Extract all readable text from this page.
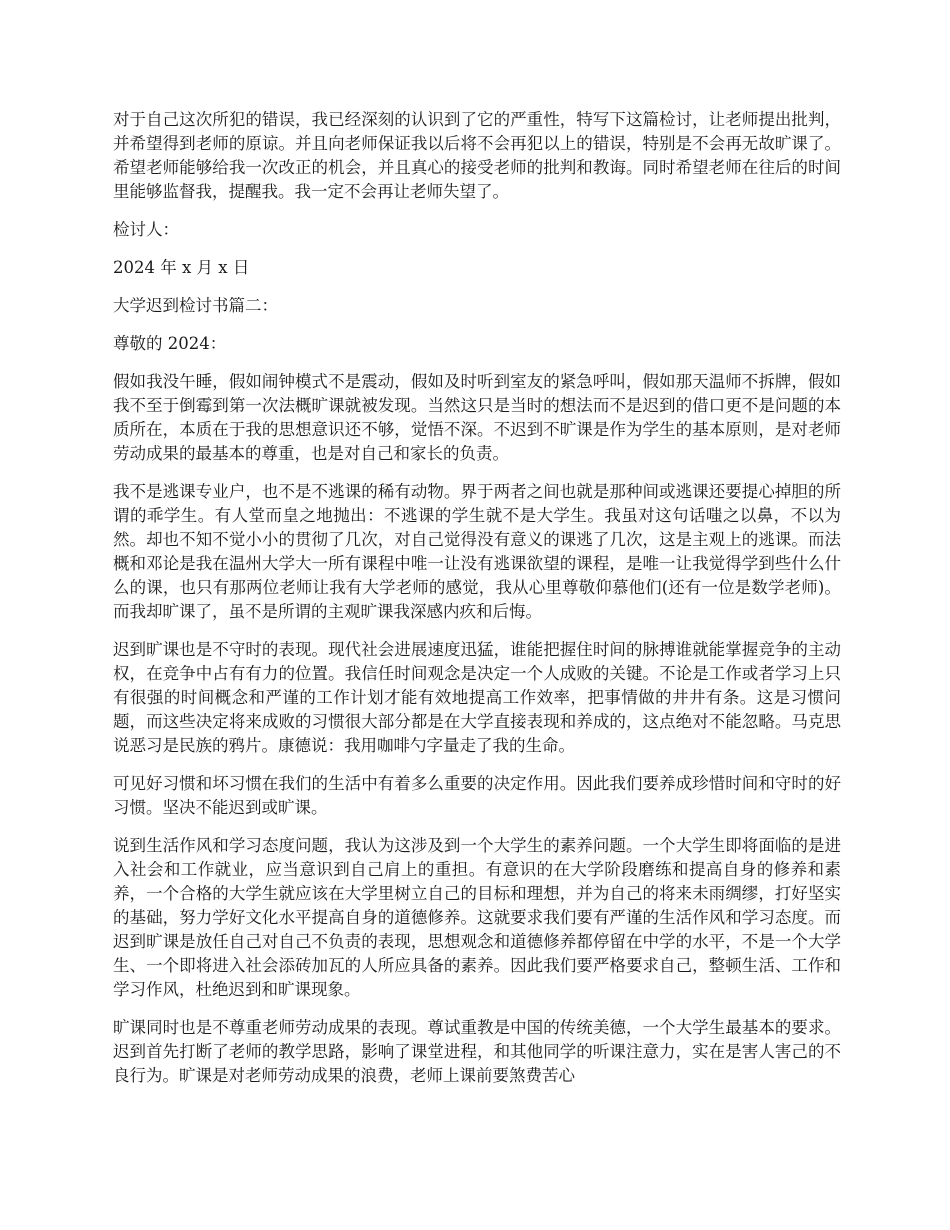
对于自己这次所犯的错误，我已经深刻的认识到了它的严重性，特写下这篇检讨，让老师提出批判，并希望得到老师的原谅。并且向老师保证我以后将不会再犯以上的错误，特别是不会再无故旷课了。希望老师能够给我一次改正的机会，并且真心的接受老师的批判和教诲。同时希望老师在往后的时间里能够监督我，提醒我。我一定不会再让老师失望了。

检讨人：

2024 年 x 月 x 日

大学迟到检讨书篇二：

尊敬的 2024：

假如我没午睡，假如闹钟模式不是震动，假如及时听到室友的紧急呼叫，假如那天温师不拆牌，假如我不至于倒霉到第一次法概旷课就被发现。当然这只是当时的想法而不是迟到的借口更不是问题的本质所在，本质在于我的思想意识还不够，觉悟不深。不迟到不旷课是作为学生的基本原则，是对老师劳动成果的最基本的尊重，也是对自己和家长的负责。

我不是逃课专业户，也不是不逃课的稀有动物。界于两者之间也就是那种间或逃课还要提心掉胆的所谓的乖学生。有人堂而皇之地抛出：不逃课的学生就不是大学生。我虽对这句话嗤之以鼻，不以为然。却也不知不觉小小的贯彻了几次，对自己觉得没有意义的课逃了几次，这是主观上的逃课。而法概和邓论是我在温州大学大一所有课程中唯一让没有逃课欲望的课程，是唯一让我觉得学到些什么什么的课，也只有那两位老师让我有大学老师的感觉，我从心里尊敬仰慕他们(还有一位是数学老师)。而我却旷课了，虽不是所谓的主观旷课我深感内疚和后悔。

迟到旷课也是不守时的表现。现代社会进展速度迅猛，谁能把握住时间的脉搏谁就能掌握竞争的主动权，在竞争中占有有力的位置。我信任时间观念是决定一个人成败的关键。不论是工作或者学习上只有很强的时间概念和严谨的工作计划才能有效地提高工作效率，把事情做的井井有条。这是习惯问题，而这些决定将来成败的习惯很大部分都是在大学直接表现和养成的，这点绝对不能忽略。马克思说恶习是民族的鸦片。康德说：我用咖啡勺字量走了我的生命。

可见好习惯和坏习惯在我们的生活中有着多么重要的决定作用。因此我们要养成珍惜时间和守时的好习惯。坚决不能迟到或旷课。

说到生活作风和学习态度问题，我认为这涉及到一个大学生的素养问题。一个大学生即将面临的是进入社会和工作就业，应当意识到自己肩上的重担。有意识的在大学阶段磨练和提高自身的修养和素养，一个合格的大学生就应该在大学里树立自己的目标和理想，并为自己的将来未雨绸缪，打好坚实的基础，努力学好文化水平提高自身的道德修养。这就要求我们要有严谨的生活作风和学习态度。而迟到旷课是放任自己对自己不负责的表现，思想观念和道德修养都停留在中学的水平，不是一个大学生、一个即将进入社会添砖加瓦的人所应具备的素养。因此我们要严格要求自己，整顿生活、工作和学习作风，杜绝迟到和旷课现象。

旷课同时也是不尊重老师劳动成果的表现。尊试重教是中国的传统美德，一个大学生最基本的要求。迟到首先打断了老师的教学思路，影响了课堂进程，和其他同学的听课注意力，实在是害人害己的不良行为。旷课是对老师劳动成果的浪费，老师上课前要煞费苦心
